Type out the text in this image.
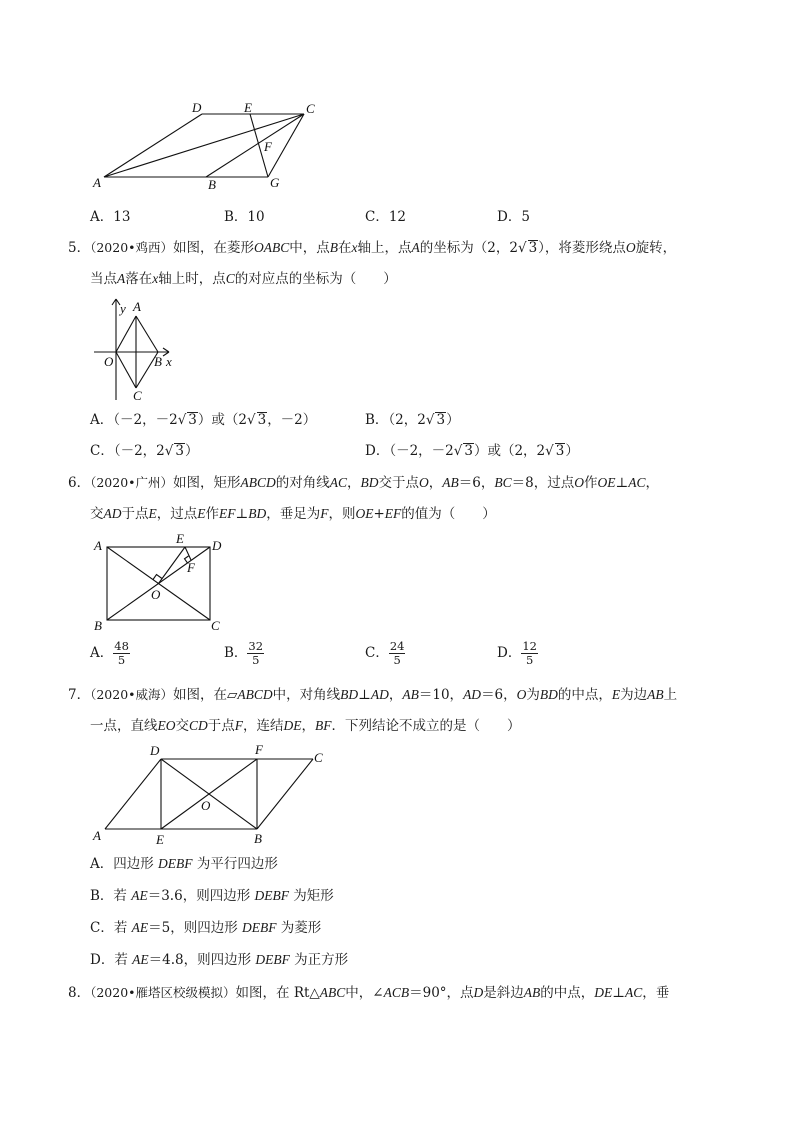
D	E	C
F
A	B	G
A．13	B．10	C．12	D．5
5．（2020•鸡西）如图，在菱形OABC中，点B在x轴上，点A的坐标为（2，2√ 3），将菱形绕点O旋转，
当点A落在x轴上时，点C的对应点的坐标为（　　）
y A
O	B x
C
A．（－2，－2√ 3）或（2√ 3，－2）	B．（2，2√ 3）
C．（－2，2√ 3）	D．（－2，－2√ 3）或（2，2√ 3）
6．（2020•广州）如图，矩形ABCD的对角线AC，BD交于点O，AB＝6，BC＝8，过点O作OE⊥AC，
交AD于点E，过点E作EF⊥BD，垂足为F，则OE+EF的值为（　　）
A	E D
F
O
B	C
A． $\frac{48}{5}$	B． $\frac{32}{5}$	C． $\frac{24}{5}$	D． $\frac{12}{5}$
7．（2020•威海）如图，在▱ABCD中，对角线BD⊥AD，AB＝10，AD＝6，O为BD的中点，E为边AB上
一点，直线EO交CD于点F，连结DE，BF．下列结论不成立的是（　　）
D	F
C
O
A	E	B
A．四边形 DEBF 为平行四边形
B．若 AE＝3.6，则四边形 DEBF 为矩形
C．若 AE＝5，则四边形 DEBF 为菱形
D．若 AE＝4.8，则四边形 DEBF 为正方形
8．（2020•雁塔区校级模拟）如图，在 Rt△ABC中，∠ACB＝90°，点D是斜边AB的中点，DE⊥AC，垂
